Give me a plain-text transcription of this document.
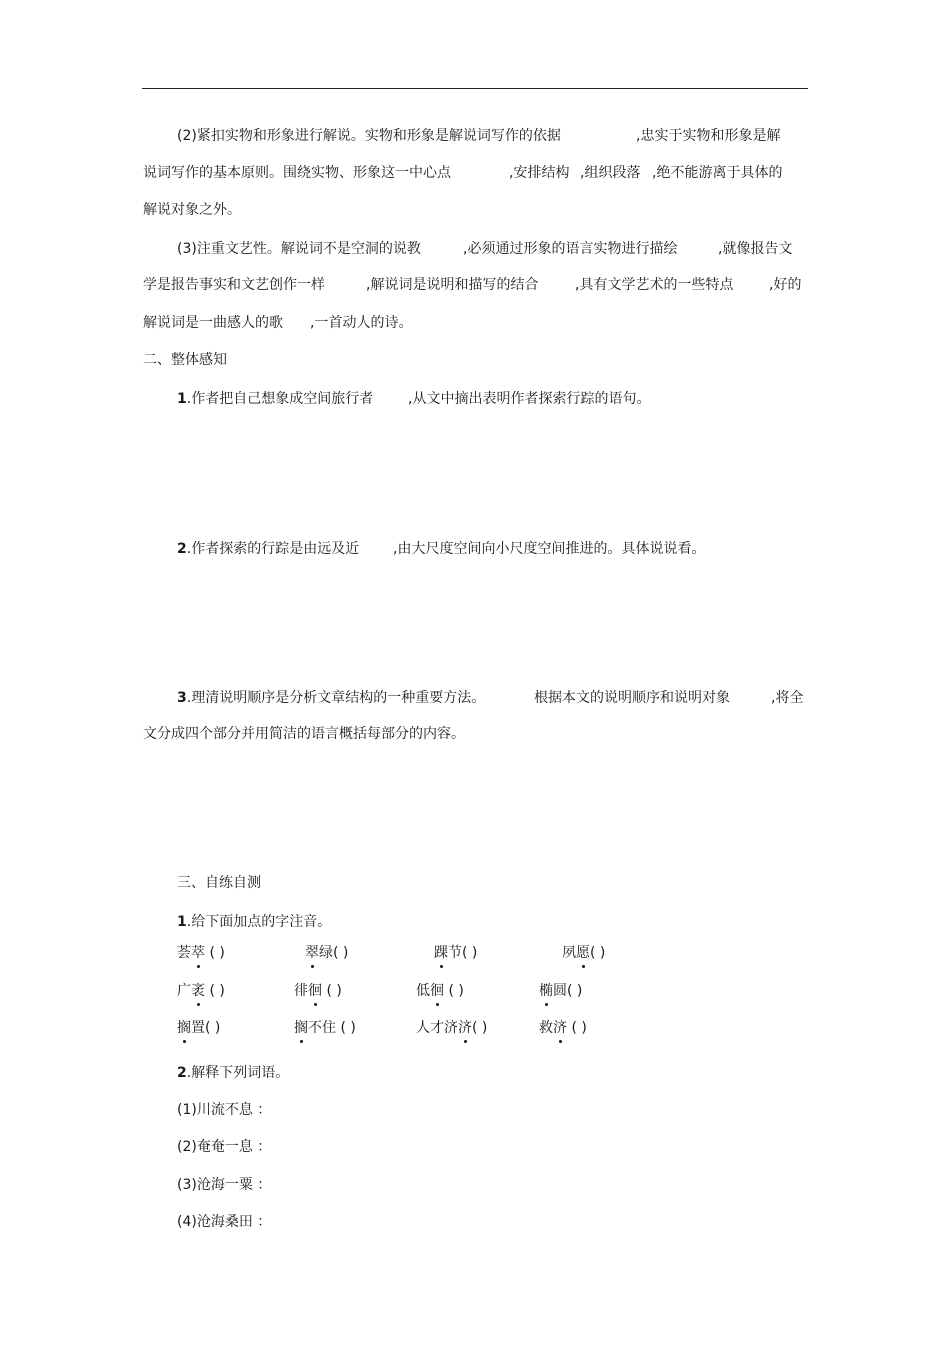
(2)紧扣实物和形象进行解说。实物和形象是解说词写作的依据	,忠实于实物和形象是解
说词写作的基本原则。围绕实物、形象这一中心点	,安排结构 ,组织段落 ,绝不能游离于具体的
解说对象之外。
(3)注重文艺性。解说词不是空洞的说教	,必须通过形象的语言实物进行描绘	,就像报告文
学是报告事实和文艺创作一样	,解说词是说明和描写的结合	,具有文学艺术的一些特点	,好的
解说词是一曲感人的歌 ,一首动人的诗。
二、整体感知
1.作者把自己想象成空间旅行者 ,从文中摘出表明作者探索行踪的语句。
2.作者探索的行踪是由远及近 ,由大尺度空间向小尺度空间推进的。具体说说看。
3.理清说明顺序是分析文章结构的一种重要方法。	根据本文的说明顺序和说明对象	,将全
文分成四个部分并用简洁的语言概括每部分的内容。
三、自练自测
1.给下面加点的字注音。
荟萃 ( )	翠绿( )	踝节( )	夙愿( )
广袤 ( )	徘徊 ( )	低徊 ( )	椭圆( )
搁置( )	搁不住 ( )	人才济济( )	救济 ( )
2.解释下列词语。
(1)川流不息 ：
(2)奄奄一息 ：
(3)沧海一粟 ：
(4)沧海桑田 ：
